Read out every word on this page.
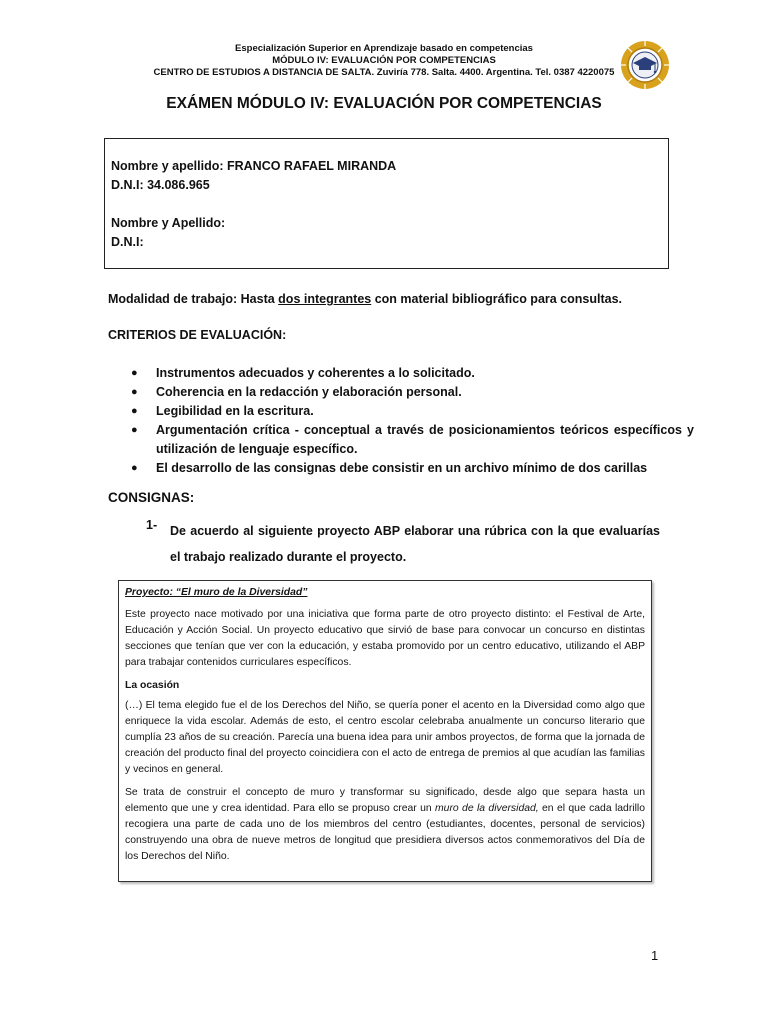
Especialización Superior en Aprendizaje basado en competencias
MÓDULO IV: EVALUACIÓN POR COMPETENCIAS
CENTRO DE ESTUDIOS A DISTANCIA DE SALTA. Zuviría 778. Salta. 4400. Argentina. Tel. 0387 4220075
EXÁMEN MÓDULO IV: EVALUACIÓN POR COMPETENCIAS
Nombre y apellido: FRANCO RAFAEL MIRANDA
D.N.I: 34.086.965
Nombre y Apellido:
D.N.I:
Modalidad de trabajo: Hasta dos integrantes con material bibliográfico para consultas.
CRITERIOS DE EVALUACIÓN:
● Instrumentos adecuados y coherentes a lo solicitado.
● Coherencia en la redacción y elaboración personal.
● Legibilidad en la escritura.
● Argumentación crítica - conceptual a través de posicionamientos teóricos específicos y utilización de lenguaje específico.
● El desarrollo de las consignas debe consistir en un archivo mínimo de dos carillas
CONSIGNAS:
1- De acuerdo al siguiente proyecto ABP elaborar una rúbrica con la que evaluarías el trabajo realizado durante el proyecto.

Proyecto: “El muro de la Diversidad”

Este proyecto nace motivado por una iniciativa que forma parte de otro proyecto distinto: el Festival de Arte, Educación y Acción Social. Un proyecto educativo que sirvió de base para convocar un concurso en distintas secciones que tenían que ver con la educación, y estaba promovido por un centro educativo, utilizando el ABP para trabajar contenidos curriculares específicos.

La ocasión

(…) El tema elegido fue el de los Derechos del Niño, se quería poner el acento en la Diversidad como algo que enriquece la vida escolar. Además de esto, el centro escolar celebraba anualmente un concurso literario que cumplía 23 años de su creación. Parecía una buena idea para unir ambos proyectos, de forma que la jornada de creación del producto final del proyecto coincidiera con el acto de entrega de premios al que acudían las familias y vecinos en general.

Se trata de construir el concepto de muro y transformar su significado, desde algo que separa hasta un elemento que une y crea identidad. Para ello se propuso crear un muro de la diversidad, en el que cada ladrillo recogiera una parte de cada uno de los miembros del centro (estudiantes, docentes, personal de servicios) construyendo una obra de nueve metros de longitud que presidiera diversos actos conmemorativos del Día de los Derechos del Niño.

1
